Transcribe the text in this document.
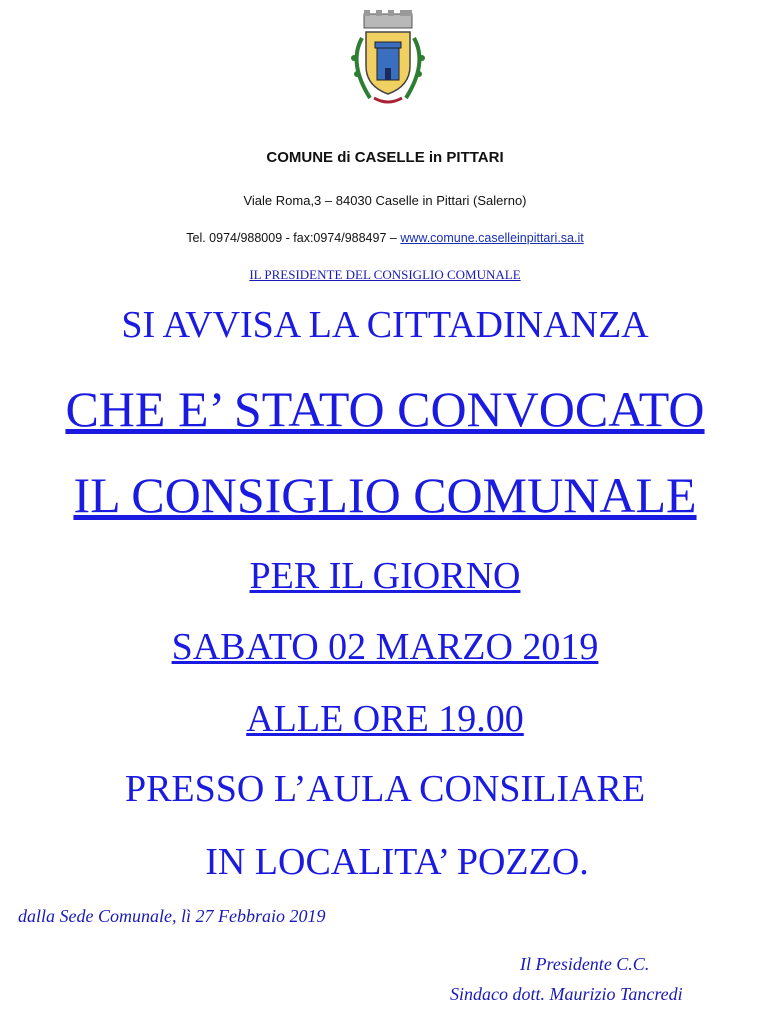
COMUNE di CASELLE in PITTARI
Viale Roma,3 – 84030 Caselle in Pittari (Salerno)
Tel. 0974/988009 - fax:0974/988497 – www.comune.caselleinpittari.sa.it
IL PRESIDENTE DEL CONSIGLIO COMUNALE
SI AVVISA LA CITTADINANZA
CHE E’ STATO CONVOCATO
IL CONSIGLIO COMUNALE
PER IL GIORNO
SABATO 02 MARZO 2019
ALLE ORE 19.00
PRESSO L’AULA CONSILIARE
IN LOCALITA’ POZZO.
dalla Sede Comunale, lì 27 Febbraio 2019
Il Presidente C.C.
Sindaco dott. Maurizio Tancredi
